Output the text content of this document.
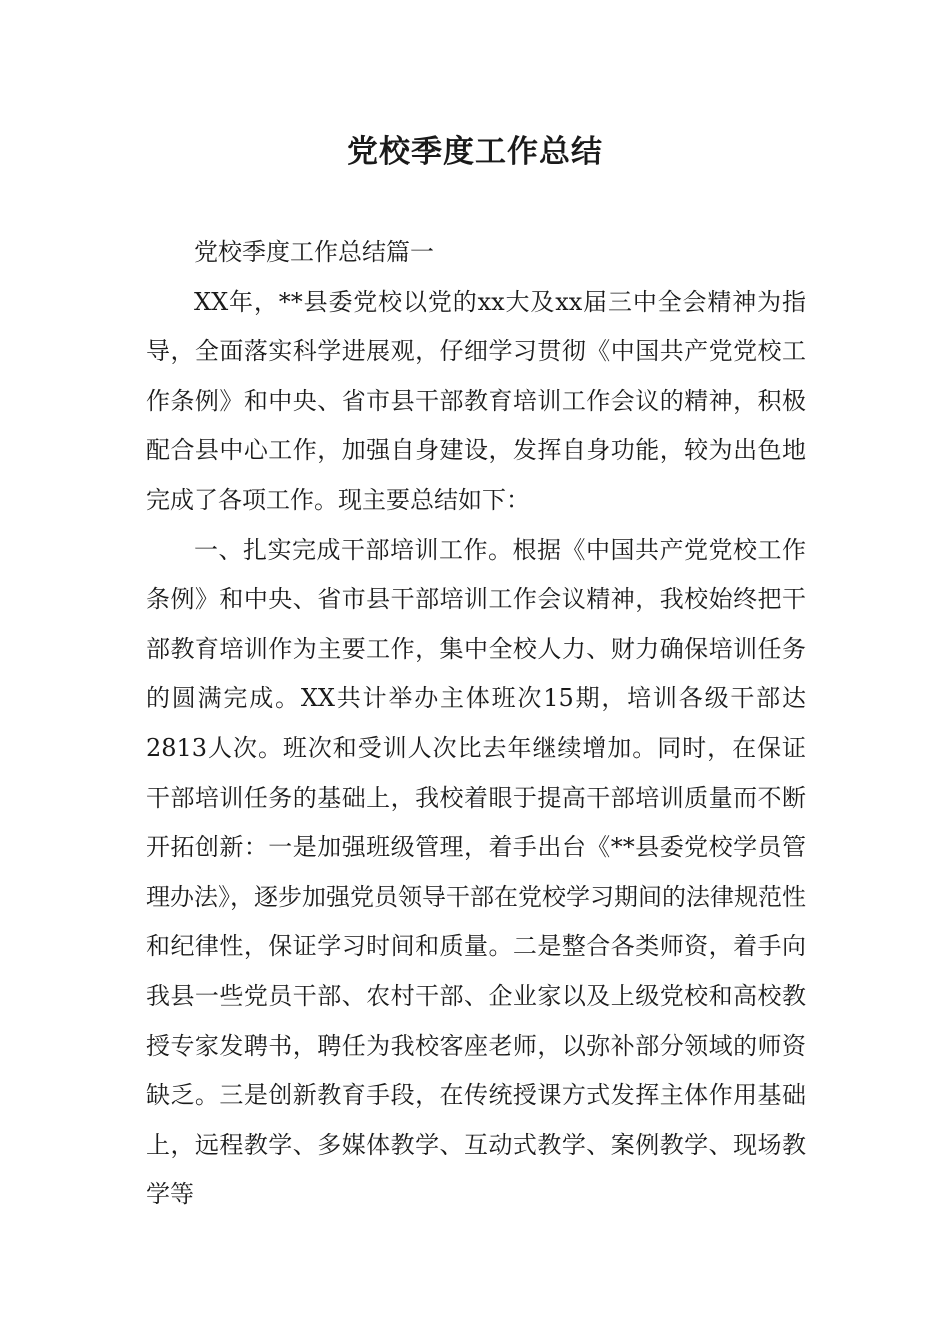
党校季度工作总结

党校季度工作总结篇一

XX年，**县委党校以党的xx大及xx届三中全会精神为指导，全面落实科学进展观，仔细学习贯彻《中国共产党党校工作条例》和中央、省市县干部教育培训工作会议的精神，积极配合县中心工作，加强自身建设，发挥自身功能，较为出色地完成了各项工作。现主要总结如下：

一、扎实完成干部培训工作。根据《中国共产党党校工作条例》和中央、省市县干部培训工作会议精神，我校始终把干部教育培训作为主要工作，集中全校人力、财力确保培训任务的圆满完成。XX共计举办主体班次15期，培训各级干部达2813人次。班次和受训人次比去年继续增加。同时，在保证干部培训任务的基础上，我校着眼于提高干部培训质量而不断开拓创新：一是加强班级管理，着手出台《**县委党校学员管理办法》，逐步加强党员领导干部在党校学习期间的法律规范性和纪律性，保证学习时间和质量。二是整合各类师资，着手向我县一些党员干部、农村干部、企业家以及上级党校和高校教授专家发聘书，聘任为我校客座老师，以弥补部分领域的师资缺乏。三是创新教育手段，在传统授课方式发挥主体作用基础上，远程教学、多媒体教学、互动式教学、案例教学、现场教学等
